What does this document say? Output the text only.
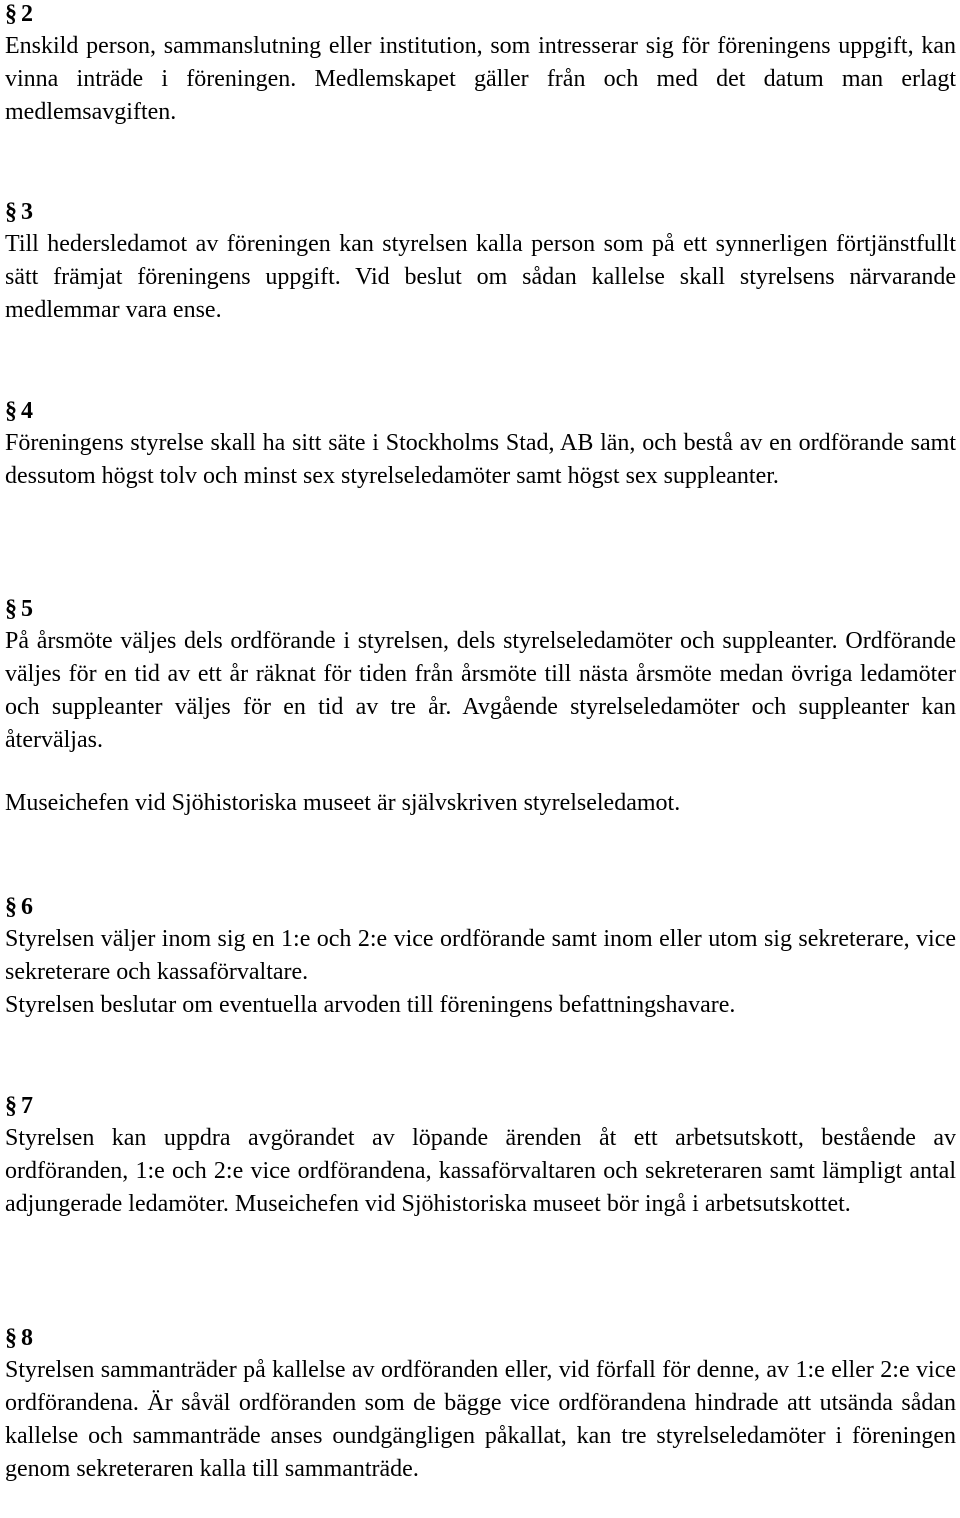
§ 2

Enskild person, sammanslutning eller institution, som intresserar sig för föreningens uppgift, kan vinna inträde i föreningen. Medlemskapet gäller från och med det datum man erlagt medlemsavgiften.

§ 3

Till hedersledamot av föreningen kan styrelsen kalla person som på ett synnerligen förtjänstfullt sätt främjat föreningens uppgift. Vid beslut om sådan kallelse skall styrelsens närvarande medlemmar vara ense.

§ 4

Föreningens styrelse skall ha sitt säte i Stockholms Stad, AB län, och bestå av en ordförande samt dessutom högst tolv och minst sex styrelseledamöter samt högst sex suppleanter.

§ 5

På årsmöte väljes dels ordförande i styrelsen, dels styrelseledamöter och suppleanter. Ordförande väljes för en tid av ett år räknat för tiden från årsmöte till nästa årsmöte medan övriga ledamöter och suppleanter väljes för en tid av tre år. Avgående styrelseledamöter och suppleanter kan återväljas.

Museichefen vid Sjöhistoriska museet är självskriven styrelseledamot.

§ 6

Styrelsen väljer inom sig en 1:e och 2:e vice ordförande samt inom eller utom sig sekreterare, vice sekreterare och kassaförvaltare.

Styrelsen beslutar om eventuella arvoden till föreningens befattningshavare.

§ 7

Styrelsen kan uppdra avgörandet av löpande ärenden åt ett arbetsutskott, bestående av ordföranden, 1:e och 2:e vice ordförandena, kassaförvaltaren och sekreteraren samt lämpligt antal adjungerade ledamöter. Museichefen vid Sjöhistoriska museet bör ingå i arbetsutskottet.

§ 8

Styrelsen sammanträder på kallelse av ordföranden eller, vid förfall för denne, av 1:e eller 2:e vice ordförandena. Är såväl ordföranden som de bägge vice ordförandena hindrade att utsända sådan kallelse och sammanträde anses oundgängligen påkallat, kan tre styrelseledamöter i föreningen genom sekreteraren kalla till sammanträde.
